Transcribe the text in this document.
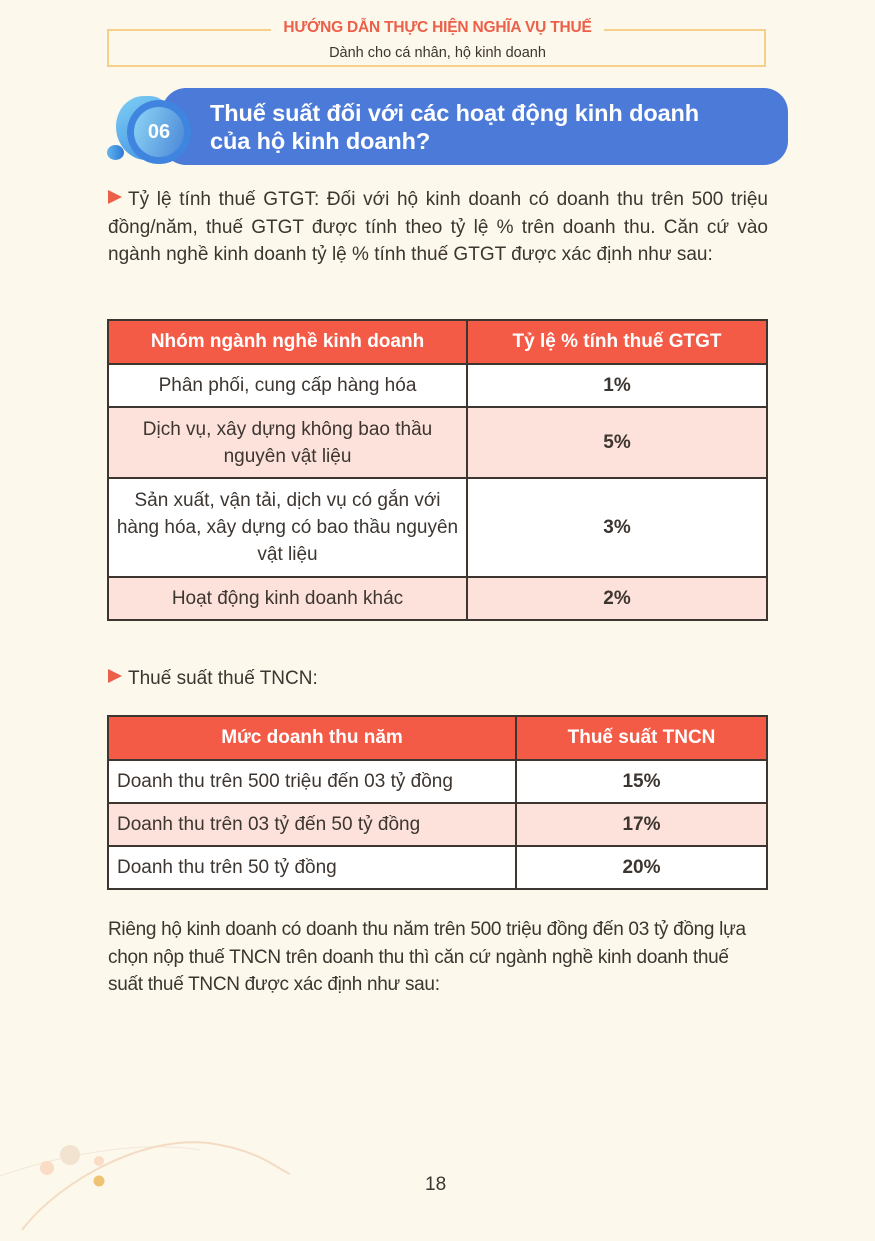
HƯỚNG DẪN THỰC HIỆN NGHĨA VỤ THUẾ
Dành cho cá nhân, hộ kinh doanh
Thuế suất đối với các hoạt động kinh doanh
của hộ kinh doanh?
06
Tỷ lệ tính thuế GTGT: Đối với hộ kinh doanh có doanh thu trên 500 triệu đồng/năm, thuế GTGT được tính theo tỷ lệ % trên doanh thu. Căn cứ vào ngành nghề kinh doanh tỷ lệ % tính thuế GTGT được xác định như sau:
Nhóm ngành nghề kinh doanh	Tỷ lệ % tính thuế GTGT
Phân phối, cung cấp hàng hóa	1%
Dịch vụ, xây dựng không bao thầu nguyên vật liệu	5%
Sản xuất, vận tải, dịch vụ có gắn với hàng hóa, xây dựng có bao thầu nguyên vật liệu	3%
Hoạt động kinh doanh khác	2%
Thuế suất thuế TNCN:
Mức doanh thu năm	Thuế suất TNCN
Doanh thu trên 500 triệu đến 03 tỷ đồng	15%
Doanh thu trên 03 tỷ đến 50 tỷ đồng	17%
Doanh thu trên 50 tỷ đồng	20%
Riêng hộ kinh doanh có doanh thu năm trên 500 triệu đồng đến 03 tỷ đồng lựa chọn nộp thuế TNCN trên doanh thu thì căn cứ ngành nghề kinh doanh thuế suất thuế TNCN được xác định như sau:
18
